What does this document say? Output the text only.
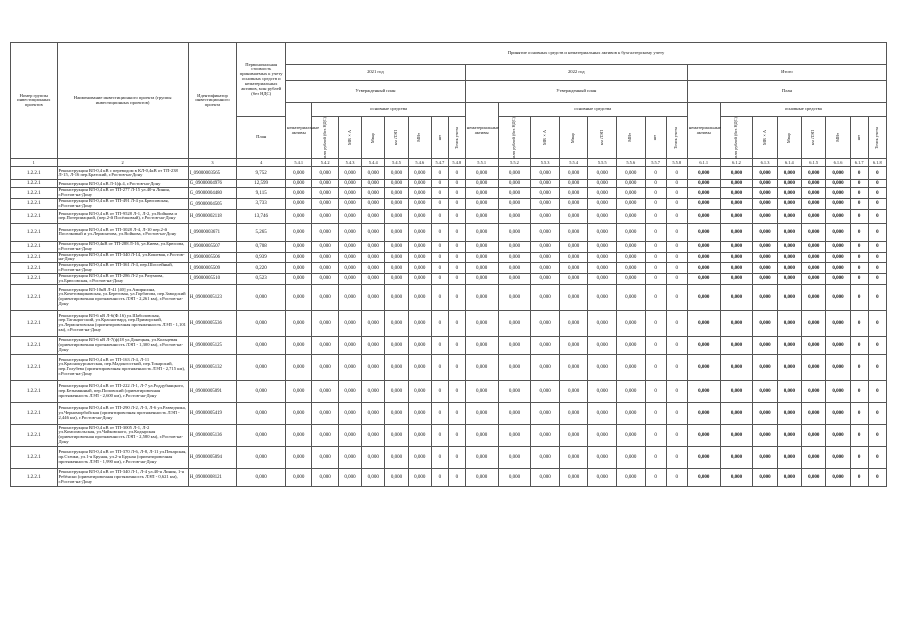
Номер группы инвестиционных проектов	Наименование инвестиционного проекта (группы инвестиционных проектов)	Идентификатор инвестиционного проекта	Первоначальная стоимость принимаемых к учету основных средств и нематериальных активов, млн рублей (без НДС)	Принятие основных средств и нематериальных активов к бухгалтерскому учету																							
				2021 год								2022 год								Итого							
				Утвержденный план								Утвержденный план								План							
				нематериальные активы	основные средства							нематериальные активы	основные средства							нематериальные активы	основные средства						
			План		млн рублей (без НДС)	МВ×А	Мвар	км ЛЭП	МВт	шт	Точек учета		млн рублей (без НДС)	МВ×А	Мвар	км ЛЭП	МВт	шт	Точек учета		млн рублей (без НДС)	МВ×А	Мвар	км ЛЭП	МВт	шт	Точек учета

1	2	3	4	5.4.1	5.4.2	5.4.3	5.4.4	5.4.5	5.4.6	5.4.7	5.4.8	5.5.1	5.5.2	5.5.3	5.5.4	5.5.5	5.5.6	5.5.7	5.5.8	6.1.1	6.1.2	6.1.3	6.1.4	6.1.5	6.1.6	6.1.7	6.1.8
1.2.2.1	Реконструкция ВЛ-0,4 кВ с переводом в КЛ-0,4кВ от ТП-238 Л-15, Л-16 пер.Братский, г.Ростов-на-Дону	I_09000003565	9,752	0,000	0,000	0,000	0,000	0,000	0,000	0	0	0,000	0,000	0,000	0,000	0,000	0,000	0	0	0,000	0,000	0,000	0,000	0,000	0,000	0	0
1.2.2.1	Реконструкция ВЛ-0,4 кВ Л-1(ф.4, г.Ростов-на-Дону	G_09000004976	12,599	0,000	0,000	0,000	0,000	0,000	0,000	0	0	0,000	0,000	0,000	0,000	0,000	0,000	0	0	0,000	0,000	0,000	0,000	0,000	0,000	0	0
1.2.2.1	Реконструкция ВЛ-0,4 кВ от ТП-277 Л-15 ул.40-я Линия, г.Ростов-на-Дону	G_09000004480	9,115	0,000	0,000	0,000	0,000	0,000	0,000	0	0	0,000	0,000	0,000	0,000	0,000	0,000	0	0	0,000	0,000	0,000	0,000	0,000	0,000	0	0
1.2.2.1	Реконструкция ВЛ-0,4 кВ от ТП-491 Л-4 ул.Брюсовская, г.Ростов-на-Дону	G_09000004505	3,733	0,000	0,000	0,000	0,000	0,000	0,000	0	0	0,000	0,000	0,000	0,000	0,000	0,000	0	0	0,000	0,000	0,000	0,000	0,000	0,000	0	0
1.2.2.1	Реконструкция ВЛ-0,4 кВ от ТП-9528 Л-1, Л-2, ул.Войкова и пер.Потерпиацкий, (пер.2-й Посёлковый), г.Ростов-на-Дону	H_09000002118	13,746	0,000	0,000	0,000	0,000	0,000	0,000	0	0	0,000	0,000	0,000	0,000	0,000	0,000	0	0	0,000	0,000	0,000	0,000	0,000	0,000	0	0
1.2.2.1	Реконструкция ВЛ-0,4 кВ от ТП-3028 Л-4, Л-10 пер.2-й Поселковый и ул.Лермонтова, ул.Войкова, г.Ростов-на-Дону	I_09000003671	5,265	0,000	0,000	0,000	0,000	0,000	0,000	0	0	0,000	0,000	0,000	0,000	0,000	0,000	0	0	0,000	0,000	0,000	0,000	0,000	0,000	0	0
1.2.2.1	Реконструкция ВЛ-0,4кВ от ТП-288 Л-16, ул.Киева, ул.Брюсова, г.Ростов-на-Дону	I_09000005507	0,708	0,000	0,000	0,000	0,000	0,000	0,000	0	0	0,000	0,000	0,000	0,000	0,000	0,000	0	0	0,000	0,000	0,000	0,000	0,000	0,000	0	0
1.2.2.1	Реконструкция ВЛ-0,4 кВ от ТП-340 Л-14, ул.Кошевая, г.Ростов-на-Дону	I_09000005506	0,939	0,000	0,000	0,000	0,000	0,000	0,000	0	0	0,000	0,000	0,000	0,000	0,000	0,000	0	0	0,000	0,000	0,000	0,000	0,000	0,000	0	0
1.2.2.1	Реконструкция ВЛ-0,4 кВ от ТП-361 Л-4, пер.Шоссейный, г.Ростов-на-Дону	I_09000005509	0,220	0,000	0,000	0,000	0,000	0,000	0,000	0	0	0,000	0,000	0,000	0,000	0,000	0,000	0	0	0,000	0,000	0,000	0,000	0,000	0,000	0	0
1.2.2.1	Реконструкция ВЛ-0,4 кВ от ТП-286 Л-2 ул.Разумова, ул.Брюсовская, г.Ростов-на-Дону	I_09000005510	0,523	0,000	0,000	0,000	0,000	0,000	0,000	0	0	0,000	0,000	0,000	0,000	0,000	0,000	0	0	0,000	0,000	0,000	0,000	0,000	0,000	0	0
1.2.2.1	Реконструкция ВЛ-10кВ Л-41 [40] ул.Амирясина, ул.Кочетовщиковская, ул.Береговая, ул.Горбатова, пер.Заводский (ориентировочная протяженность ЛЭП - 2,261 км), г.Ростов-на-Дону	H_09000005123	0,000	0,000	0,000	0,000	0,000	0,000	0,000	0	0	0,000	0,000	0,000	0,000	0,000	0,000	0	0	0,000	0,000	0,000	0,000	0,000	0,000	0	0
1.2.2.1	Реконструкция ВЛ-6 кВ Л-6(Ф.16) ул.Шаболовская, пер.Таганрогский, ул.Красногвард, пер.Приморский, ул.Лермонтовская (ориентировочная протяженность ЛЭП - 1,101 км), г.Ростов-на-Дону	H_09000005536	0,000	0,000	0,000	0,000	0,000	0,000	0,000	0	0	0,000	0,000	0,000	0,000	0,000	0,000	0	0	0,000	0,000	0,000	0,000	0,000	0,000	0	0
1.2.2.1	Реконструкция ВЛ-6 кВ Л-7(ф)18 ул.Донецкая, ул.Кольцевая (ориентировочная протяженность ЛЭП - 1,300 км), г.Ростов-на-Дону	H_09000005125	0,000	0,000	0,000	0,000	0,000	0,000	0,000	0	0	0,000	0,000	0,000	0,000	0,000	0,000	0	0	0,000	0,000	0,000	0,000	0,000	0,000	0	0
1.2.2.1	Реконструкция ВЛ-0,4 кВ от ТП-163 Л-4, Л-11 ул.Краснокурсантская, пер.Мадонгосткий, пер.Токарский, пер.Голубева (ориентировочная протяженность ЛЭП - 2,715 км), г.Ростов-на-Дону	H_09000005132	0,000	0,000	0,000	0,000	0,000	0,000	0,000	0	0	0,000	0,000	0,000	0,000	0,000	0,000	0	0	0,000	0,000	0,000	0,000	0,000	0,000	0	0
1.2.2.1	Реконструкция ВЛ-0,4 кВ от ТП-222 Л-1, Л-7 ул.Роддубняцкого, пер.Безымянный, пер.Поповский (ориентировочная протяженность ЛЭП - 2,600 км), г.Ростов-на-Дону	H_09000005091	0,000	0,000	0,000	0,000	0,000	0,000	0,000	0	0	0,000	0,000	0,000	0,000	0,000	0,000	0	0	0,000	0,000	0,000	0,000	0,000	0,000	0	0
1.2.2.1	Реконструкция ВЛ-0,4 кВ от ТП-290 Л-2, Л-3, Л-6 ул.Разведчика, ул.Черноморбойская (ориентировочная протяженность ЛЭП - 2,446 км), г.Ростов-на-Дону	H_09000005419	0,000	0,000	0,000	0,000	0,000	0,000	0,000	0	0	0,000	0,000	0,000	0,000	0,000	0,000	0	0	0,000	0,000	0,000	0,000	0,000	0,000	0	0
1.2.2.1	Реконструкция ВЛ-0,4 кВ от ТП-3005 Л-1, Л-2 ул.Комсомольская, ул.Чайковского, ул.Кодырская (ориентировочная протяженность ЛЭП - 2,580 км), г.Ростов-на-Дону	H_09000005136	0,000	0,000	0,000	0,000	0,000	0,000	0,000	0	0	0,000	0,000	0,000	0,000	0,000	0,000	0	0	0,000	0,000	0,000	0,000	0,000	0,000	0	0
1.2.2.1	Реконструкция ВЛ-0,4 кВ от ТП-370 Л-6, Л-8, Л-11 ул.Пекарская, пр.Стачки, ул.1-я Бруная, ул.2-я Бруная (ориентировочная протяженность ЛЭП - 1,990 км), г.Ростов-на-Дону	H_09000005094	0,000	0,000	0,000	0,000	0,000	0,000	0,000	0	0	0,000	0,000	0,000	0,000	0,000	0,000	0	0	0,000	0,000	0,000	0,000	0,000	0,000	0	0
1.2.2.1	Реконструкция ВЛ-0,4 кВ от ТП-340 Л-1, Л-4 ул.40-я Линия, 1-я Ребёнски (ориентировочная протяженность ЛЭП - 0,621 км), г.Ростов-на-Дону	H_09000008121	0,000	0,000	0,000	0,000	0,000	0,000	0,000	0	0	0,000	0,000	0,000	0,000	0,000	0,000	0	0	0,000	0,000	0,000	0,000	0,000	0,000	0	0
